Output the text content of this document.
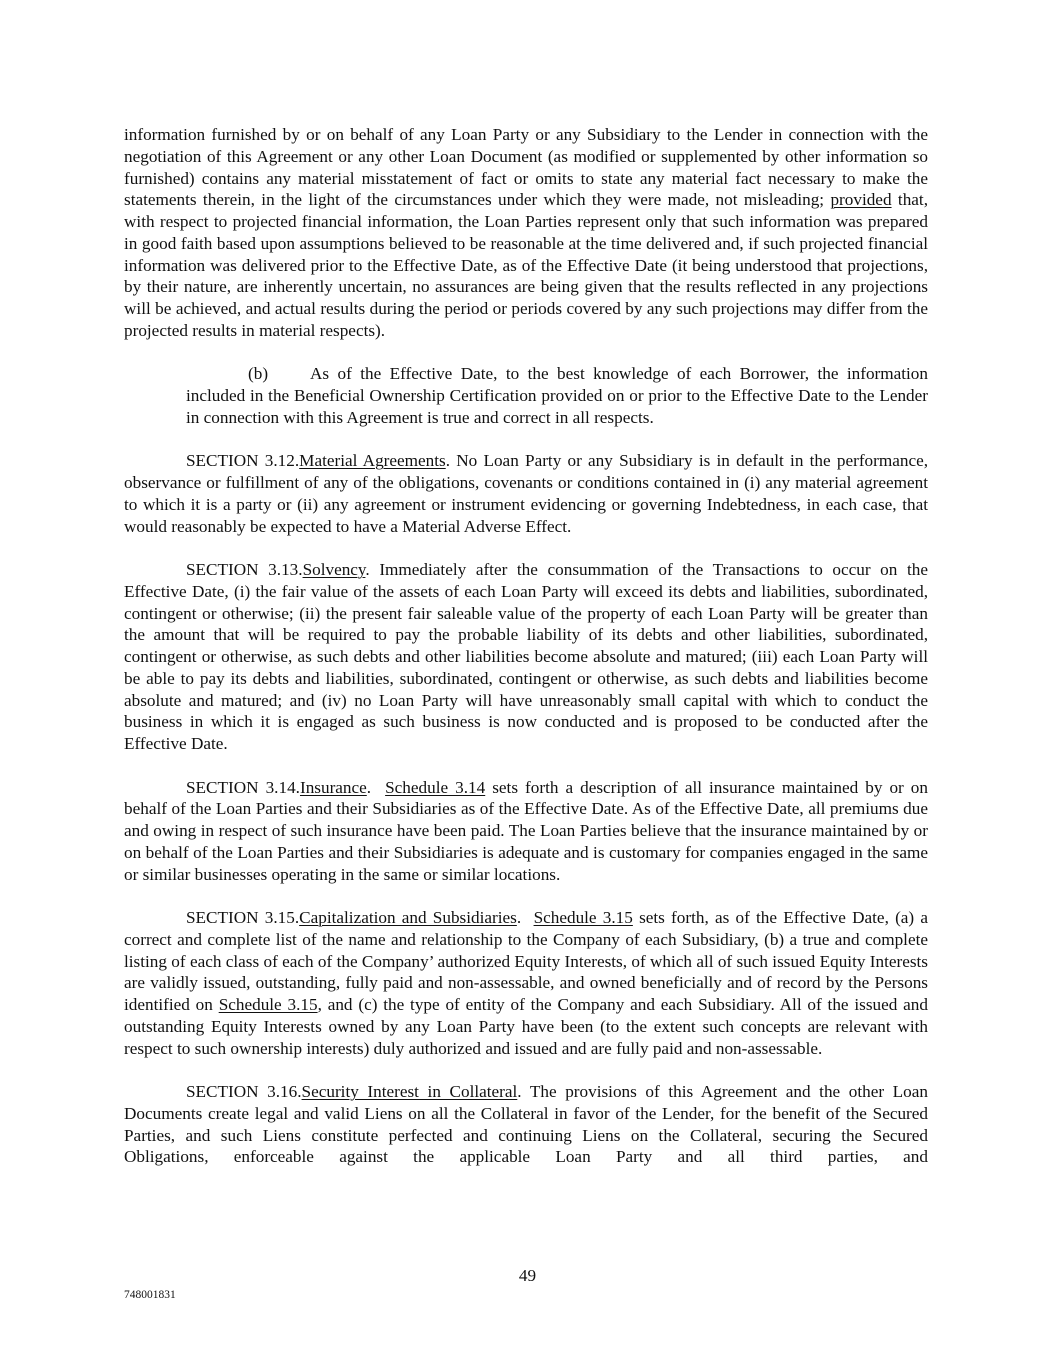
information furnished by or on behalf of any Loan Party or any Subsidiary to the Lender in connection with the negotiation of this Agreement or any other Loan Document (as modified or supplemented by other information so furnished) contains any material misstatement of fact or omits to state any material fact necessary to make the statements therein, in the light of the circumstances under which they were made, not misleading; provided that, with respect to projected financial information, the Loan Parties represent only that such information was prepared in good faith based upon assumptions believed to be reasonable at the time delivered and, if such projected financial information was delivered prior to the Effective Date, as of the Effective Date (it being understood that projections, by their nature, are inherently uncertain, no assurances are being given that the results reflected in any projections will be achieved, and actual results during the period or periods covered by any such projections may differ from the projected results in material respects).

(b) As of the Effective Date, to the best knowledge of each Borrower, the information included in the Beneficial Ownership Certification provided on or prior to the Effective Date to the Lender in connection with this Agreement is true and correct in all respects.

SECTION 3.12.Material Agreements. No Loan Party or any Subsidiary is in default in the performance, observance or fulfillment of any of the obligations, covenants or conditions contained in (i) any material agreement to which it is a party or (ii) any agreement or instrument evidencing or governing Indebtedness, in each case, that would reasonably be expected to have a Material Adverse Effect.

SECTION 3.13.Solvency. Immediately after the consummation of the Transactions to occur on the Effective Date, (i) the fair value of the assets of each Loan Party will exceed its debts and liabilities, subordinated, contingent or otherwise; (ii) the present fair saleable value of the property of each Loan Party will be greater than the amount that will be required to pay the probable liability of its debts and other liabilities, subordinated, contingent or otherwise, as such debts and other liabilities become absolute and matured; (iii) each Loan Party will be able to pay its debts and liabilities, subordinated, contingent or otherwise, as such debts and liabilities become absolute and matured; and (iv) no Loan Party will have unreasonably small capital with which to conduct the business in which it is engaged as such business is now conducted and is proposed to be conducted after the Effective Date.

SECTION 3.14.Insurance.  Schedule 3.14 sets forth a description of all insurance maintained by or on behalf of the Loan Parties and their Subsidiaries as of the Effective Date. As of the Effective Date, all premiums due and owing in respect of such insurance have been paid. The Loan Parties believe that the insurance maintained by or on behalf of the Loan Parties and their Subsidiaries is adequate and is customary for companies engaged in the same or similar businesses operating in the same or similar locations.

SECTION 3.15.Capitalization and Subsidiaries.  Schedule 3.15 sets forth, as of the Effective Date, (a) a correct and complete list of the name and relationship to the Company of each Subsidiary, (b) a true and complete listing of each class of each of the Company’ authorized Equity Interests, of which all of such issued Equity Interests are validly issued, outstanding, fully paid and non-assessable, and owned beneficially and of record by the Persons identified on Schedule 3.15, and (c) the type of entity of the Company and each Subsidiary. All of the issued and outstanding Equity Interests owned by any Loan Party have been (to the extent such concepts are relevant with respect to such ownership interests) duly authorized and issued and are fully paid and non-assessable.

SECTION 3.16.Security Interest in Collateral. The provisions of this Agreement and the other Loan Documents create legal and valid Liens on all the Collateral in favor of the Lender, for the benefit of the Secured Parties, and such Liens constitute perfected and continuing Liens on the Collateral, securing the Secured Obligations, enforceable against the applicable Loan Party and all third parties, and

49
748001831
